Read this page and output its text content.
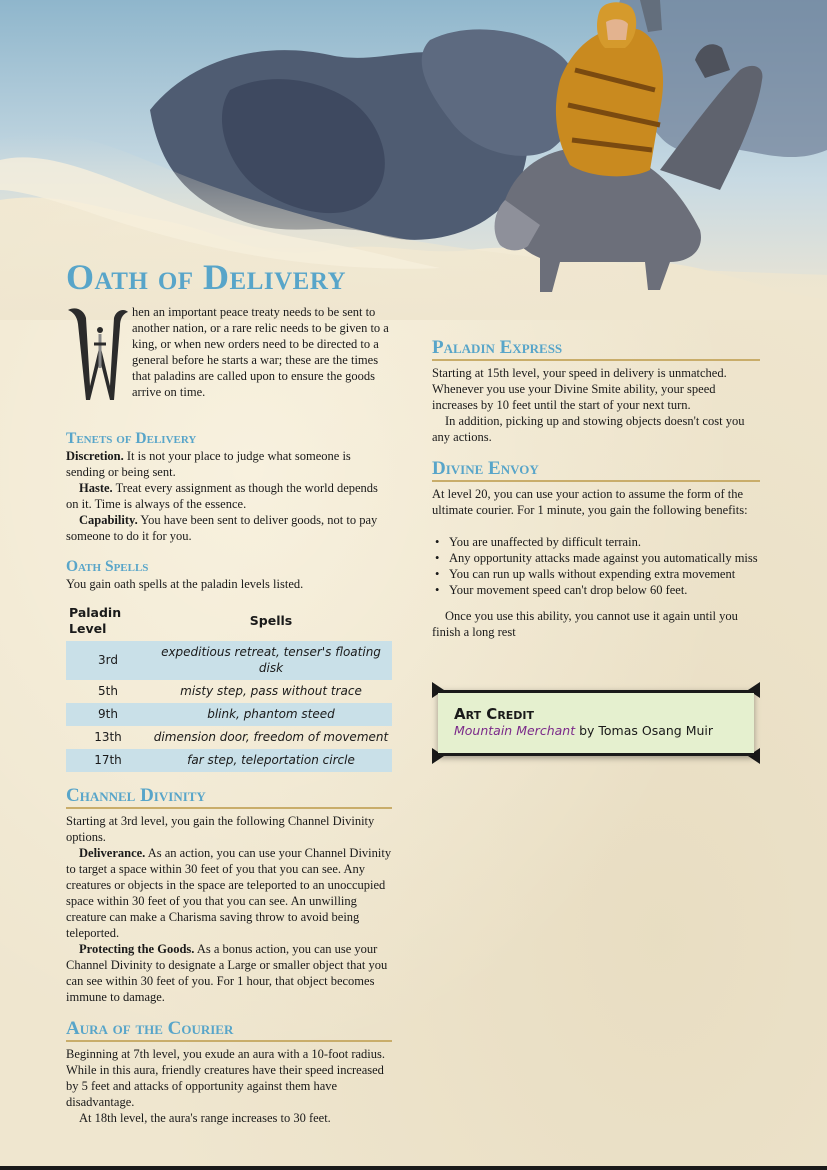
Oath of Delivery

hen an important peace treaty needs to be sent to another nation, or a rare relic needs to be given to a king, or when new orders need to be directed to a general before he starts a war; these are the times that paladins are called upon to ensure the goods arrive on time.

Tenets of Delivery

Discretion. It is not your place to judge what someone is sending or being sent.

Haste. Treat every assignment as though the world depends on it. Time is always of the essence.

Capability. You have been sent to deliver goods, not to pay someone to do it for you.

Oath Spells

You gain oath spells at the paladin levels listed.

Paladin Level	Spells
3rd	expeditious retreat, tenser's floating disk
5th	misty step, pass without trace
9th	blink, phantom steed
13th	dimension door, freedom of movement
17th	far step, teleportation circle
Channel Divinity

Starting at 3rd level, you gain the following Channel Divinity options.

Deliverance. As an action, you can use your Channel Divinity to target a space within 30 feet of you that you can see. Any creatures or objects in the space are teleported to an unoccupied space within 30 feet of you that you can see. An unwilling creature can make a Charisma saving throw to avoid being teleported.

Protecting the Goods. As a bonus action, you can use your Channel Divinity to designate a Large or smaller object that you can see within 30 feet of you. For 1 hour, that object becomes immune to damage.

Aura of the Courier

Beginning at 7th level, you exude an aura with a 10-foot radius. While in this aura, friendly creatures have their speed increased by 5 feet and attacks of opportunity against them have disadvantage.

At 18th level, the aura's range increases to 30 feet.

Paladin Express

Starting at 15th level, your speed in delivery is unmatched. Whenever you use your Divine Smite ability, your speed increases by 10 feet until the start of your next turn.

In addition, picking up and stowing objects doesn't cost you any actions.

Divine Envoy

At level 20, you can use your action to assume the form of the ultimate courier. For 1 minute, you gain the following benefits:

• You are unaffected by difficult terrain.
• Any opportunity attacks made against you automatically miss
• You can run up walls without expending extra movement
• Your movement speed can't drop below 60 feet.

Once you use this ability, you cannot use it again until you finish a long rest

Art Credit
Mountain Merchant by Tomas Osang Muir
